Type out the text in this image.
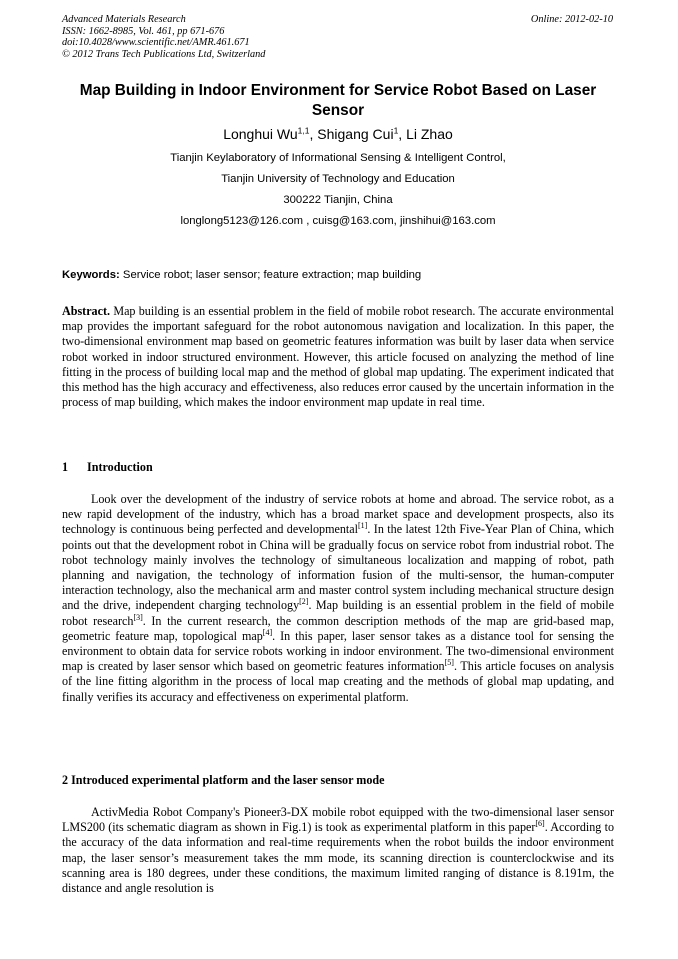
Advanced Materials Research
ISSN: 1662-8985, Vol. 461, pp 671-676
doi:10.4028/www.scientific.net/AMR.461.671
© 2012 Trans Tech Publications Ltd, Switzerland
Online: 2012-02-10
Map Building in Indoor Environment for Service Robot Based on Laser Sensor
Longhui Wu$^{1,1}$, Shigang Cui$^1$, Li Zhao
Tianjin Keylaboratory of Informational Sensing & Intelligent Control,
Tianjin University of Technology and Education
300222 Tianjin, China
longlong5123@126.com , cuisg@163.com, jinshihui@163.com
Keywords: Service robot; laser sensor; feature extraction; map building
Abstract. Map building is an essential problem in the field of mobile robot research. The accurate environmental map provides the important safeguard for the robot autonomous navigation and localization. In this paper, the two-dimensional environment map based on geometric features information was built by laser data when service robot worked in indoor structured environment. However, this article focused on analyzing the method of line fitting in the process of building local map and the method of global map updating. The experiment indicated that this method has the high accuracy and effectiveness, also reduces error caused by the uncertain information in the process of map building, which makes the indoor environment map update in real time.
1 Introduction
Look over the development of the industry of service robots at home and abroad. The service robot, as a new rapid development of the industry, which has a broad market space and development prospects, also its technology is continuous being perfected and developmental[1]. In the latest 12th Five-Year Plan of China, which points out that the development robot in China will be gradually focus on service robot from industrial robot. The robot technology mainly involves the technology of simultaneous localization and mapping of robot, path planning and navigation, the technology of information fusion of the multi-sensor, the human-computer interaction technology, also the mechanical arm and master control system including mechanical structure design and the drive, independent charging technology[2]. Map building is an essential problem in the field of mobile robot research[3]. In the current research, the common description methods of the map are grid-based map, geometric feature map, topological map[4]. In this paper, laser sensor takes as a distance tool for sensing the environment to obtain data for service robots working in indoor environment. The two-dimensional environment map is created by laser sensor which based on geometric features information[5]. This article focuses on analysis of the line fitting algorithm in the process of local map creating and the methods of global map updating, and finally verifies its accuracy and effectiveness on experimental platform.
2 Introduced experimental platform and the laser sensor mode
ActivMedia Robot Company's Pioneer3-DX mobile robot equipped with the two-dimensional laser sensor LMS200 (its schematic diagram as shown in Fig.1) is took as experimental platform in this paper[6]. According to the accuracy of the data information and real-time requirements when the robot builds the indoor environment map, the laser sensor’s measurement takes the mm mode, its scanning direction is counterclockwise and its scanning area is 180 degrees, under these conditions, the maximum limited ranging of distance is 8.191m, the distance and angle resolution is
